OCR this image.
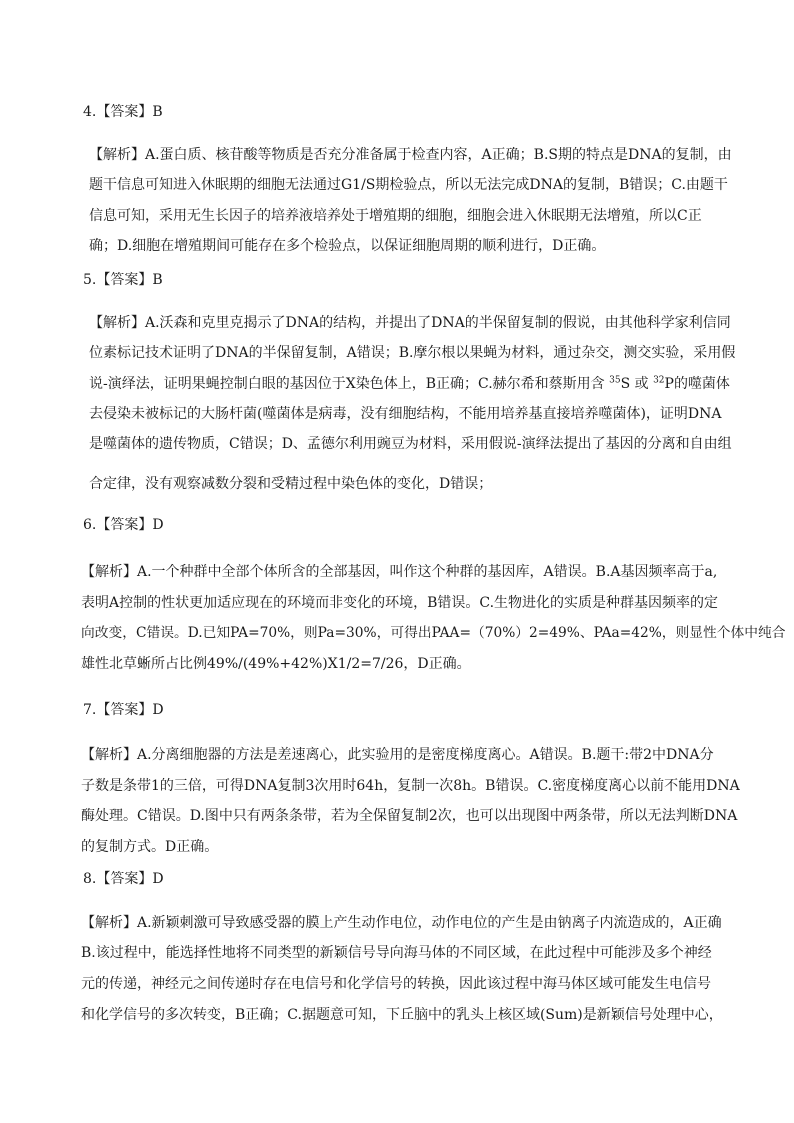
4.【答案】B
【解析】A.蛋白质、核苷酸等物质是否充分准备属于检查内容，A正确；B.S期的特点是DNA的复制，由
题干信息可知进入休眠期的细胞无法通过G1/S期检验点，所以无法完成DNA的复制，B错误；C.由题干
信息可知，采用无生长因子的培养液培养处于增殖期的细胞，细胞会进入休眠期无法增殖，所以C正
确；D.细胞在增殖期间可能存在多个检验点，以保证细胞周期的顺利进行，D正确。
5.【答案】B
【解析】A.沃森和克里克揭示了DNA的结构，并提出了DNA的半保留复制的假说，由其他科学家利信同
位素标记技术证明了DNA的半保留复制，A错误；B.摩尔根以果蝇为材料，通过杂交，测交实验，采用假
说-演绎法，证明果蝇控制白眼的基因位于X染色体上，B正确；C.赫尔希和蔡斯用含 $^{35}$S 或 $^{32}$P的噬菌体
去侵染未被标记的大肠杆菌(噬菌体是病毒，没有细胞结构，不能用培养基直接培养噬菌体)，证明DNA
是噬菌体的遗传物质，C错误；D、孟德尔利用豌豆为材料，采用假说-演绎法提出了基因的分离和自由组
合定律，没有观察减数分裂和受精过程中染色体的变化，D错误；
6.【答案】D
【解析】A.一个种群中全部个体所含的全部基因，叫作这个种群的基因库，A错误。B.A基因频率高于a,
表明A控制的性状更加适应现在的环境而非变化的环境，B错误。C.生物进化的实质是种群基因频率的定
向改变，C错误。D.已知PA=70%，则Pa=30%，可得出PAA=（70%）2=49%、PAa=42%，则显性个体中纯合
雄性北草蜥所占比例49%/(49%+42%)X1/2=7/26，D正确。
7.【答案】D
【解析】A.分离细胞器的方法是差速离心，此实验用的是密度梯度离心。A错误。B.题干:带2中DNA分
子数是条带1的三倍，可得DNA复制3次用时64h，复制一次8h。B错误。C.密度梯度离心以前不能用DNA
酶处理。C错误。D.图中只有两条条带，若为全保留复制2次，也可以出现图中两条带，所以无法判断DNA
的复制方式。D正确。
8.【答案】D
【解析】A.新颖刺激可导致感受器的膜上产生动作电位，动作电位的产生是由钠离子内流造成的，A正确
B.该过程中，能选择性地将不同类型的新颖信号导向海马体的不同区域，在此过程中可能涉及多个神经
元的传递，神经元之间传递时存在电信号和化学信号的转换，因此该过程中海马体区域可能发生电信号
和化学信号的多次转变，B正确；C.据题意可知，下丘脑中的乳头上核区域(Sum)是新颖信号处理中心，
